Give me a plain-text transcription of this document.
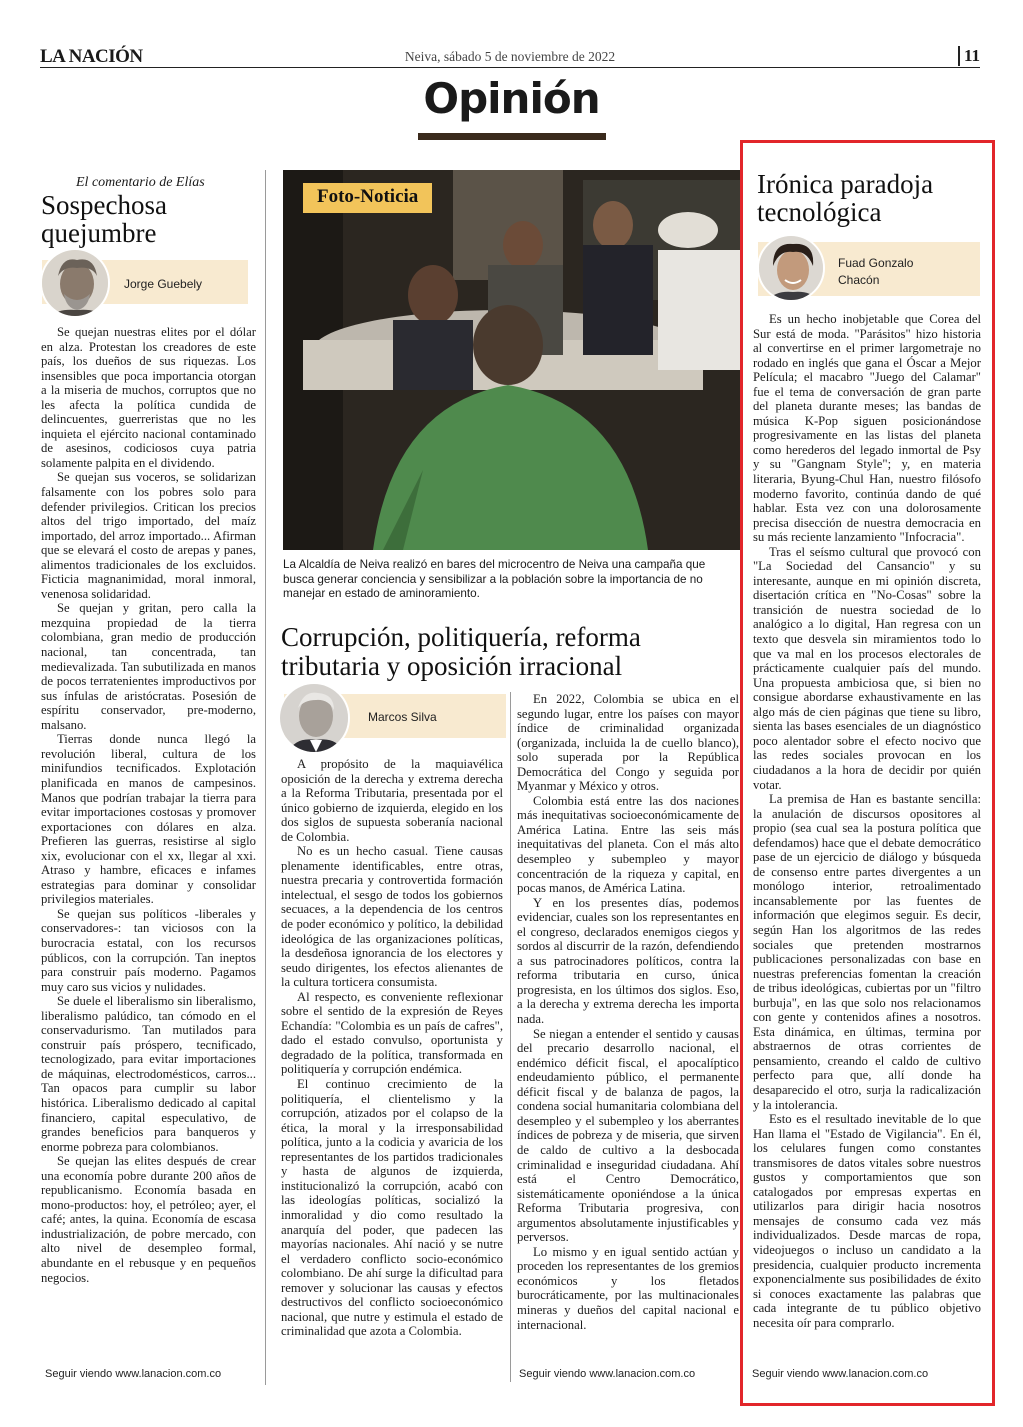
LA NACIÓN	Neiva, sábado 5 de noviembre de 2022	11
Opinión
El comentario de Elías
Sospechosa quejumbre
Jorge Guebely

Se quejan nuestras elites por el dólar en alza. Protestan los creadores de este país, los dueños de sus riquezas. Los insensibles que poca importancia otorgan a la miseria de muchos, corruptos que no les afecta la política cundida de delincuentes, guerreristas que no les inquieta el ejército nacional contaminado de asesinos, codiciosos cuya patria solamente palpita en el dividendo.

Se quejan sus voceros, se solidarizan falsamente con los pobres solo para defender privilegios. Critican los precios altos del trigo importado, del maíz importado, del arroz importado... Afirman que se elevará el costo de arepas y panes, alimentos tradicionales de los excluidos. Ficticia magnanimidad, moral inmoral, venenosa solidaridad.

Se quejan y gritan, pero calla la mezquina propiedad de la tierra colombiana, gran medio de producción nacional, tan concentrada, tan medievalizada. Tan subutilizada en manos de pocos terratenientes improductivos por sus ínfulas de aristócratas. Posesión de espíritu conservador, pre-moderno, malsano.

Tierras donde nunca llegó la revolución liberal, cultura de los minifundios tecnificados. Explotación planificada en manos de campesinos. Manos que podrían trabajar la tierra para evitar importaciones costosas y promover exportaciones con dólares en alza. Prefieren las guerras, resistirse al siglo xix, evolucionar con el xx, llegar al xxi. Atraso y hambre, eficaces e infames estrategias para dominar y consolidar privilegios materiales.

Se quejan sus políticos -liberales y conservadores-: tan viciosos con la burocracia estatal, con los recursos públicos, con la corrupción. Tan ineptos para construir país moderno. Pagamos muy caro sus vicios y nulidades.

Se duele el liberalismo sin liberalismo, liberalismo palúdico, tan cómodo en el conservadurismo. Tan mutilados para construir país próspero, tecnificado, tecnologizado, para evitar importaciones de máquinas, electrodomésticos, carros... Tan opacos para cumplir su labor histórica. Liberalismo dedicado al capital financiero, capital especulativo, de grandes beneficios para banqueros y enorme pobreza para colombianos.

Se quejan las elites después de crear una economía pobre durante 200 años de republicanismo. Economía basada en mono-productos: hoy, el petróleo; ayer, el café; antes, la quina. Economía de escasa industrialización, de pobre mercado, con alto nivel de desempleo formal, abundante en el rebusque y en pequeños negocios.

Seguir viendo www.lanacion.com.co
Foto-Noticia
La Alcaldía de Neiva realizó en bares del microcentro de Neiva una campaña que
busca generar conciencia y sensibilizar a la población sobre la importancia de no
manejar en estado de aminoramiento.
Corrupción, politiquería, reforma tributaria y oposición irracional
Marcos Silva

A propósito de la maquiavélica oposición de la derecha y extrema derecha a la Reforma Tributaria, presentada por el único gobierno de izquierda, elegido en los dos siglos de supuesta soberanía nacional de Colombia.

No es un hecho casual. Tiene causas plenamente identificables, entre otras, nuestra precaria y controvertida formación intelectual, el sesgo de todos los gobiernos secuaces, a la dependencia de los centros de poder económico y político, la debilidad ideológica de las organizaciones políticas, la desdeñosa ignorancia de los electores y seudo dirigentes, los efectos alienantes de la cultura torticera consumista.

Al respecto, es conveniente reflexionar sobre el sentido de la expresión de Reyes Echandía: "Colombia es un país de cafres", dado el estado convulso, oportunista y degradado de la política, transformada en politiquería y corrupción endémica.

El continuo crecimiento de la politiquería, el clientelismo y la corrupción, atizados por el colapso de la ética, la moral y la irresponsabilidad política, junto a la codicia y avaricia de los representantes de los partidos tradicionales y hasta de algunos de izquierda, institucionalizó la corrupción, acabó con las ideologías políticas, socializó la inmoralidad y dio como resultado la anarquía del poder, que padecen las mayorías nacionales. Ahí nació y se nutre el verdadero conflicto socio-económico colombiano. De ahí surge la dificultad para remover y solucionar las causas y efectos destructivos del conflicto socioeconómico nacional, que nutre y estimula el estado de criminalidad que azota a Colombia.

En 2022, Colombia se ubica en el segundo lugar, entre los países con mayor índice de criminalidad organizada (organizada, incluida la de cuello blanco), solo superada por la República Democrática del Congo y seguida por Myanmar y México y otros.

Colombia está entre las dos naciones más inequitativas socioeconómicamente de América Latina. Entre las seis más inequitativas del planeta. Con el más alto desempleo y subempleo y mayor concentración de la riqueza y capital, en pocas manos, de América Latina.

Y en los presentes días, podemos evidenciar, cuales son los representantes en el congreso, declarados enemigos ciegos y sordos al discurrir de la razón, defendiendo a sus patrocinadores políticos, contra la reforma tributaria en curso, única progresista, en los últimos dos siglos. Eso, a la derecha y extrema derecha les importa nada.

Se niegan a entender el sentido y causas del precario desarrollo nacional, el endémico déficit fiscal, el apocalíptico endeudamiento público, el permanente déficit fiscal y de balanza de pagos, la condena social humanitaria colombiana del desempleo y el subempleo y los aberrantes índices de pobreza y de miseria, que sirven de caldo de cultivo a la desbocada criminalidad e inseguridad ciudadana. Ahí está el Centro Democrático, sistemáticamente oponiéndose a la única Reforma Tributaria progresiva, con argumentos absolutamente injustificables y perversos.

Lo mismo y en igual sentido actúan y proceden los representantes de los gremios económicos y los fletados burocráticamente, por las multinacionales mineras y dueños del capital nacional e internacional.

Seguir viendo www.lanacion.com.co
Irónica paradoja tecnológica
Fuad Gonzalo
Chacón

Es un hecho inobjetable que Corea del Sur está de moda. "Parásitos" hizo historia al convertirse en el primer largometraje no rodado en inglés que gana el Óscar a Mejor Película; el macabro "Juego del Calamar" fue el tema de conversación de gran parte del planeta durante meses; las bandas de música K-Pop siguen posicionándose progresivamente en las listas del planeta como herederos del legado inmortal de Psy y su "Gangnam Style"; y, en materia literaria, Byung-Chul Han, nuestro filósofo moderno favorito, continúa dando de qué hablar. Esta vez con una dolorosamente precisa disección de nuestra democracia en su más reciente lanzamiento "Infocracia".

Tras el seísmo cultural que provocó con "La Sociedad del Cansancio" y su interesante, aunque en mi opinión discreta, disertación crítica en "No-Cosas" sobre la transición de nuestra sociedad de lo analógico a lo digital, Han regresa con un texto que desvela sin miramientos todo lo que va mal en los procesos electorales de prácticamente cualquier país del mundo. Una propuesta ambiciosa que, si bien no consigue abordarse exhaustivamente en las algo más de cien páginas que tiene su libro, sienta las bases esenciales de un diagnóstico poco alentador sobre el efecto nocivo que las redes sociales provocan en los ciudadanos a la hora de decidir por quién votar.

La premisa de Han es bastante sencilla: la anulación de discursos opositores al propio (sea cual sea la postura política que defendamos) hace que el debate democrático pase de un ejercicio de diálogo y búsqueda de consenso entre partes divergentes a un monólogo interior, retroalimentado incansablemente por las fuentes de información que elegimos seguir. Es decir, según Han los algoritmos de las redes sociales que pretenden mostrarnos publicaciones personalizadas con base en nuestras preferencias fomentan la creación de tribus ideológicas, cubiertas por un "filtro burbuja", en las que solo nos relacionamos con gente y contenidos afines a nosotros. Esta dinámica, en últimas, termina por abstraernos de otras corrientes de pensamiento, creando el caldo de cultivo perfecto para que, allí donde ha desaparecido el otro, surja la radicalización y la intolerancia.

Esto es el resultado inevitable de lo que Han llama el "Estado de Vigilancia". En él, los celulares fungen como constantes transmisores de datos vitales sobre nuestros gustos y comportamientos que son catalogados por empresas expertas en utilizarlos para dirigir hacia nosotros mensajes de consumo cada vez más individualizados. Desde marcas de ropa, videojuegos o incluso un candidato a la presidencia, cualquier producto incrementa exponencialmente sus posibilidades de éxito si conoces exactamente las palabras que cada integrante de tu público objetivo necesita oír para comprarlo.

Seguir viendo www.lanacion.com.co
